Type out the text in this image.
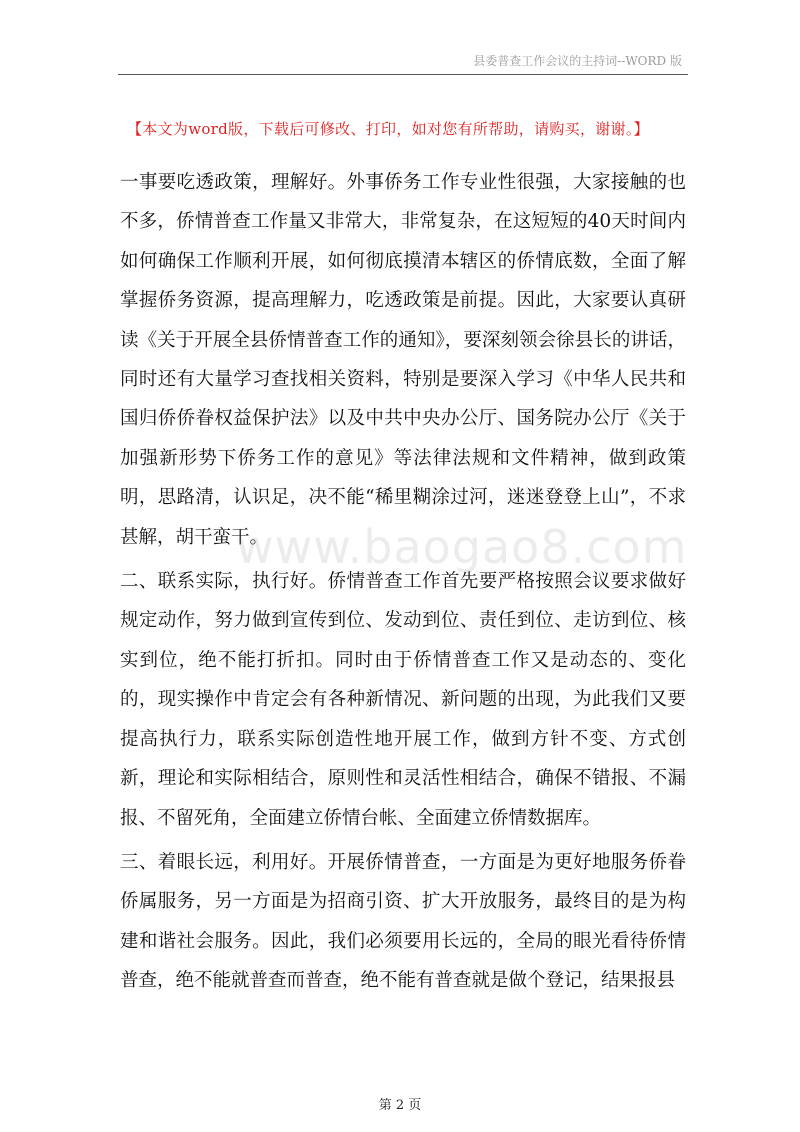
县委普查工作会议的主持词--WORD 版
【本文为word版，下载后可修改、打印，如对您有所帮助，请购买，谢谢。】

一事要吃透政策，理解好。外事侨务工作专业性很强，大家接触的也不多，侨情普查工作量又非常大，非常复杂，在这短短的40天时间内如何确保工作顺利开展，如何彻底摸清本辖区的侨情底数，全面了解掌握侨务资源，提高理解力，吃透政策是前提。因此，大家要认真研读《关于开展全县侨情普查工作的通知》，要深刻领会徐县长的讲话，同时还有大量学习查找相关资料，特别是要深入学习《中华人民共和国归侨侨眷权益保护法》以及中共中央办公厅、国务院办公厅《关于加强新形势下侨务工作的意见》等法律法规和文件精神，做到政策明，思路清，认识足，决不能“稀里糊涂过河，迷迷登登上山”，不求甚解，胡干蛮干。

二、联系实际，执行好。侨情普查工作首先要严格按照会议要求做好规定动作，努力做到宣传到位、发动到位、责任到位、走访到位、核实到位，绝不能打折扣。同时由于侨情普查工作又是动态的、变化的，现实操作中肯定会有各种新情况、新问题的出现，为此我们又要提高执行力，联系实际创造性地开展工作，做到方针不变、方式创新，理论和实际相结合，原则性和灵活性相结合，确保不错报、不漏报、不留死角，全面建立侨情台帐、全面建立侨情数据库。

三、着眼长远，利用好。开展侨情普查，一方面是为更好地服务侨眷侨属服务，另一方面是为招商引资、扩大开放服务，最终目的是为构建和谐社会服务。因此，我们必须要用长远的，全局的眼光看待侨情普查，绝不能就普查而普查，绝不能有普查就是做个登记，结果报县

www.baogao8.com
第 2 页
